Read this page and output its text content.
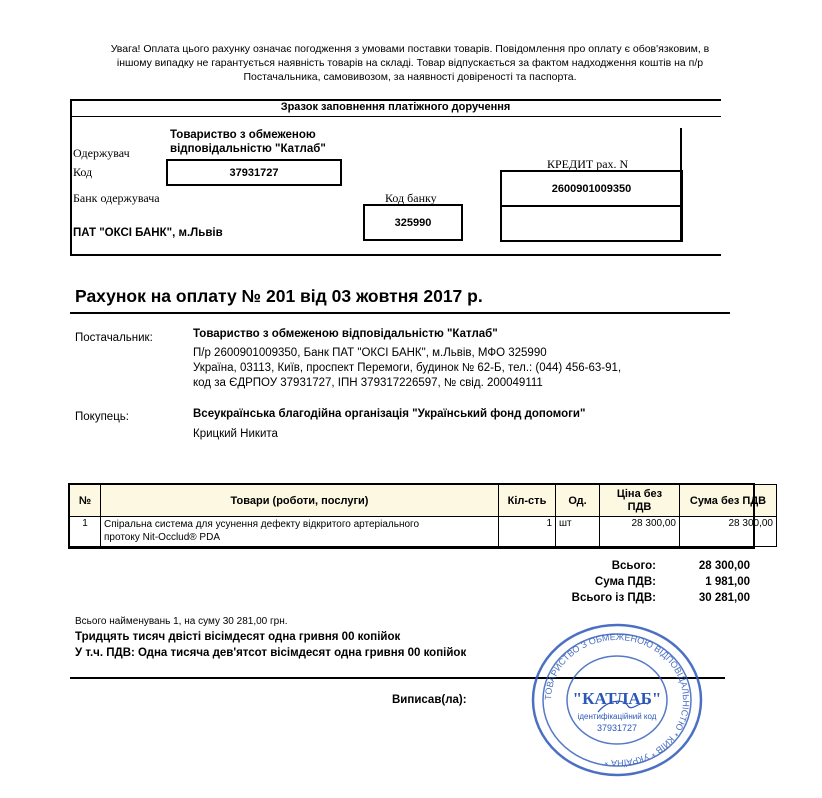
Увага! Оплата цього рахунку означає погодження з умовами поставки товарів. Повідомлення про оплату є обов'язковим, в
іншому випадку не гарантується наявність товарів на складі. Товар відпускається за фактом надходження коштів на п/р
Постачальника, самовивозом, за наявності довіреності та паспорта.
Зразок заповнення платіжного доручення
Одержувач
Товариство з обмеженою
відповідальністю "Катлаб"
Код	37931727
Банк одержувача
ПАТ "ОКСІ БАНК", м.Львів
Код банку
325990
КРЕДИТ рах. N
2600901009350
Рахунок на оплату № 201 від 03 жовтня 2017 р.
Постачальник:	Товариство з обмеженою відповідальністю "Катлаб"
П/р 2600901009350, Банк ПАТ "ОКСІ БАНК", м.Львів, МФО 325990
Україна, 03113, Київ, проспект Перемоги, будинок № 62-Б, тел.: (044) 456-63-91,
код за ЄДРПОУ 37931727, ІПН 379317226597, № свід. 200049111
Покупець:	Всеукраїнська благодійна організація "Український фонд допомоги"
Крицкий Никита
№	Товари (роботи, послуги)	Кіл-сть	Од.	Ціна без
ПДВ	Сума без ПДВ
1	Спіральна система для усунення дефекту відкритого артеріального
протоку Nit-Occlud® PDA	1	шт	28 300,00	28 300,00
Всього:	28 300,00
Сума ПДВ:	1 981,00
Всього із ПДВ:	30 281,00
Всього найменувань 1, на суму 30 281,00 грн.
Тридцять тисяч двісті вісімдесят одна гривня 00 копійок
У т.ч. ПДВ: Одна тисяча дев'ятсот вісімдесят одна гривня 00 копійок
Виписав(ла):	ТОВАРИСТВО З ОБМЕЖЕНОЮ ВІДПОВІДАЛЬНІСТЮ * КИЇВ * УКРАЇНА *
"КАТЛАБ"
ідентифікаційний код
37931727
